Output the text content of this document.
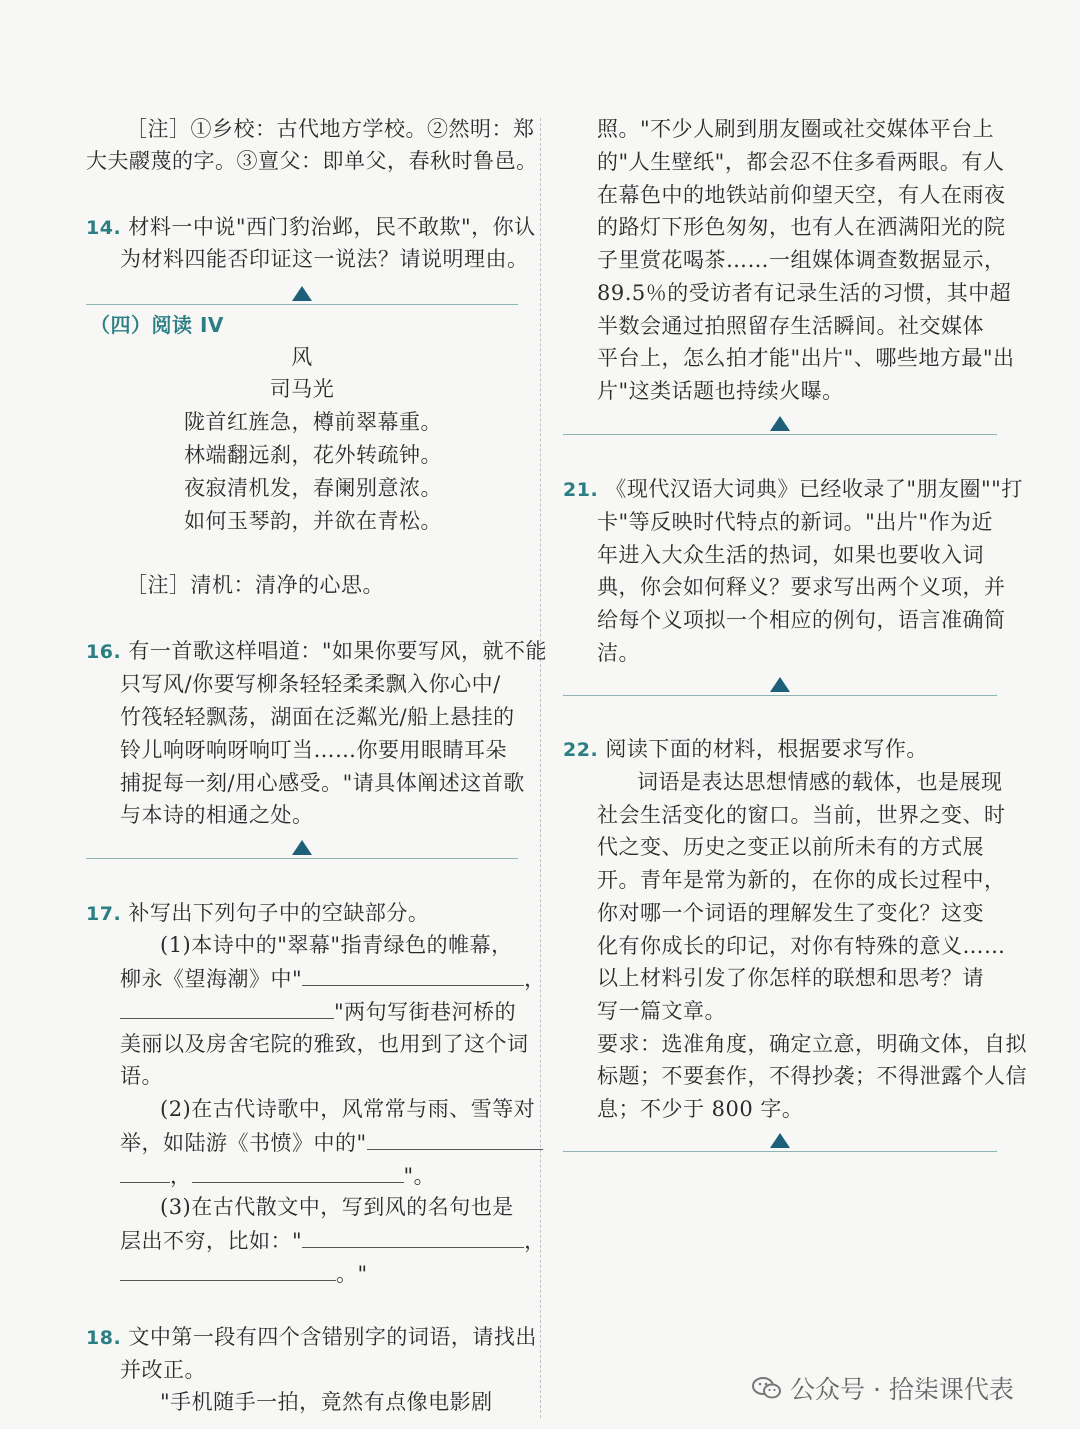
［注］①乡校：古代地方学校。②然明：郑
大夫鬷蔑的字。③亶父：即单父，春秋时鲁邑。
14. 材料一中说"西门豹治邺，民不敢欺"，你认
为材料四能否印证这一说法？请说明理由。
（四）阅读 IV
风
司马光
陇首红旌急，樽前翠幕重。
林端翻远刹，花外转疏钟。
夜寂清机发，春阑别意浓。
如何玉琴韵，并欲在青松。
［注］清机：清净的心思。
16. 有一首歌这样唱道："如果你要写风，就不能
只写风/你要写柳条轻轻柔柔飘入你心中/
竹筏轻轻飘荡，湖面在泛粼光/船上悬挂的
铃儿响呀响呀响叮当……你要用眼睛耳朵
捕捉每一刻/用心感受。"请具体阐述这首歌
与本诗的相通之处。
17. 补写出下列句子中的空缺部分。
(1)本诗中的"翠幕"指青绿色的帷幕，
柳永《望海潮》中"	，
"两句写街巷河桥的
美丽以及房舍宅院的雅致，也用到了这个词
语。
(2)在古代诗歌中，风常常与雨、雪等对
举，如陆游《书愤》中的"
，	"。
(3)在古代散文中，写到风的名句也是
层出不穷，比如："	，
。"
18. 文中第一段有四个含错别字的词语，请找出
并改正。
"手机随手一拍，竟然有点像电影剧
照。"不少人刷到朋友圈或社交媒体平台上
的"人生壁纸"，都会忍不住多看两眼。有人
在幕色中的地铁站前仰望天空，有人在雨夜
的路灯下形色匆匆，也有人在洒满阳光的院
子里赏花喝茶……一组媒体调查数据显示，
89.5％的受访者有记录生活的习惯，其中超
半数会通过拍照留存生活瞬间。社交媒体
平台上，怎么拍才能"出片"、哪些地方最"出
片"这类话题也持续火曝。
21. 《现代汉语大词典》已经收录了"朋友圈""打
卡"等反映时代特点的新词。"出片"作为近
年进入大众生活的热词，如果也要收入词
典，你会如何释义？要求写出两个义项，并
给每个义项拟一个相应的例句，语言准确简
洁。
22. 阅读下面的材料，根据要求写作。
词语是表达思想情感的载体，也是展现
社会生活变化的窗口。当前，世界之变、时
代之变、历史之变正以前所未有的方式展
开。青年是常为新的，在你的成长过程中，
你对哪一个词语的理解发生了变化？这变
化有你成长的印记，对你有特殊的意义……
以上材料引发了你怎样的联想和思考？请
写一篇文章。
要求：选准角度，确定立意，明确文体，自拟
标题；不要套作，不得抄袭；不得泄露个人信
息；不少于 800 字。
公众号 · 拾柒课代表
